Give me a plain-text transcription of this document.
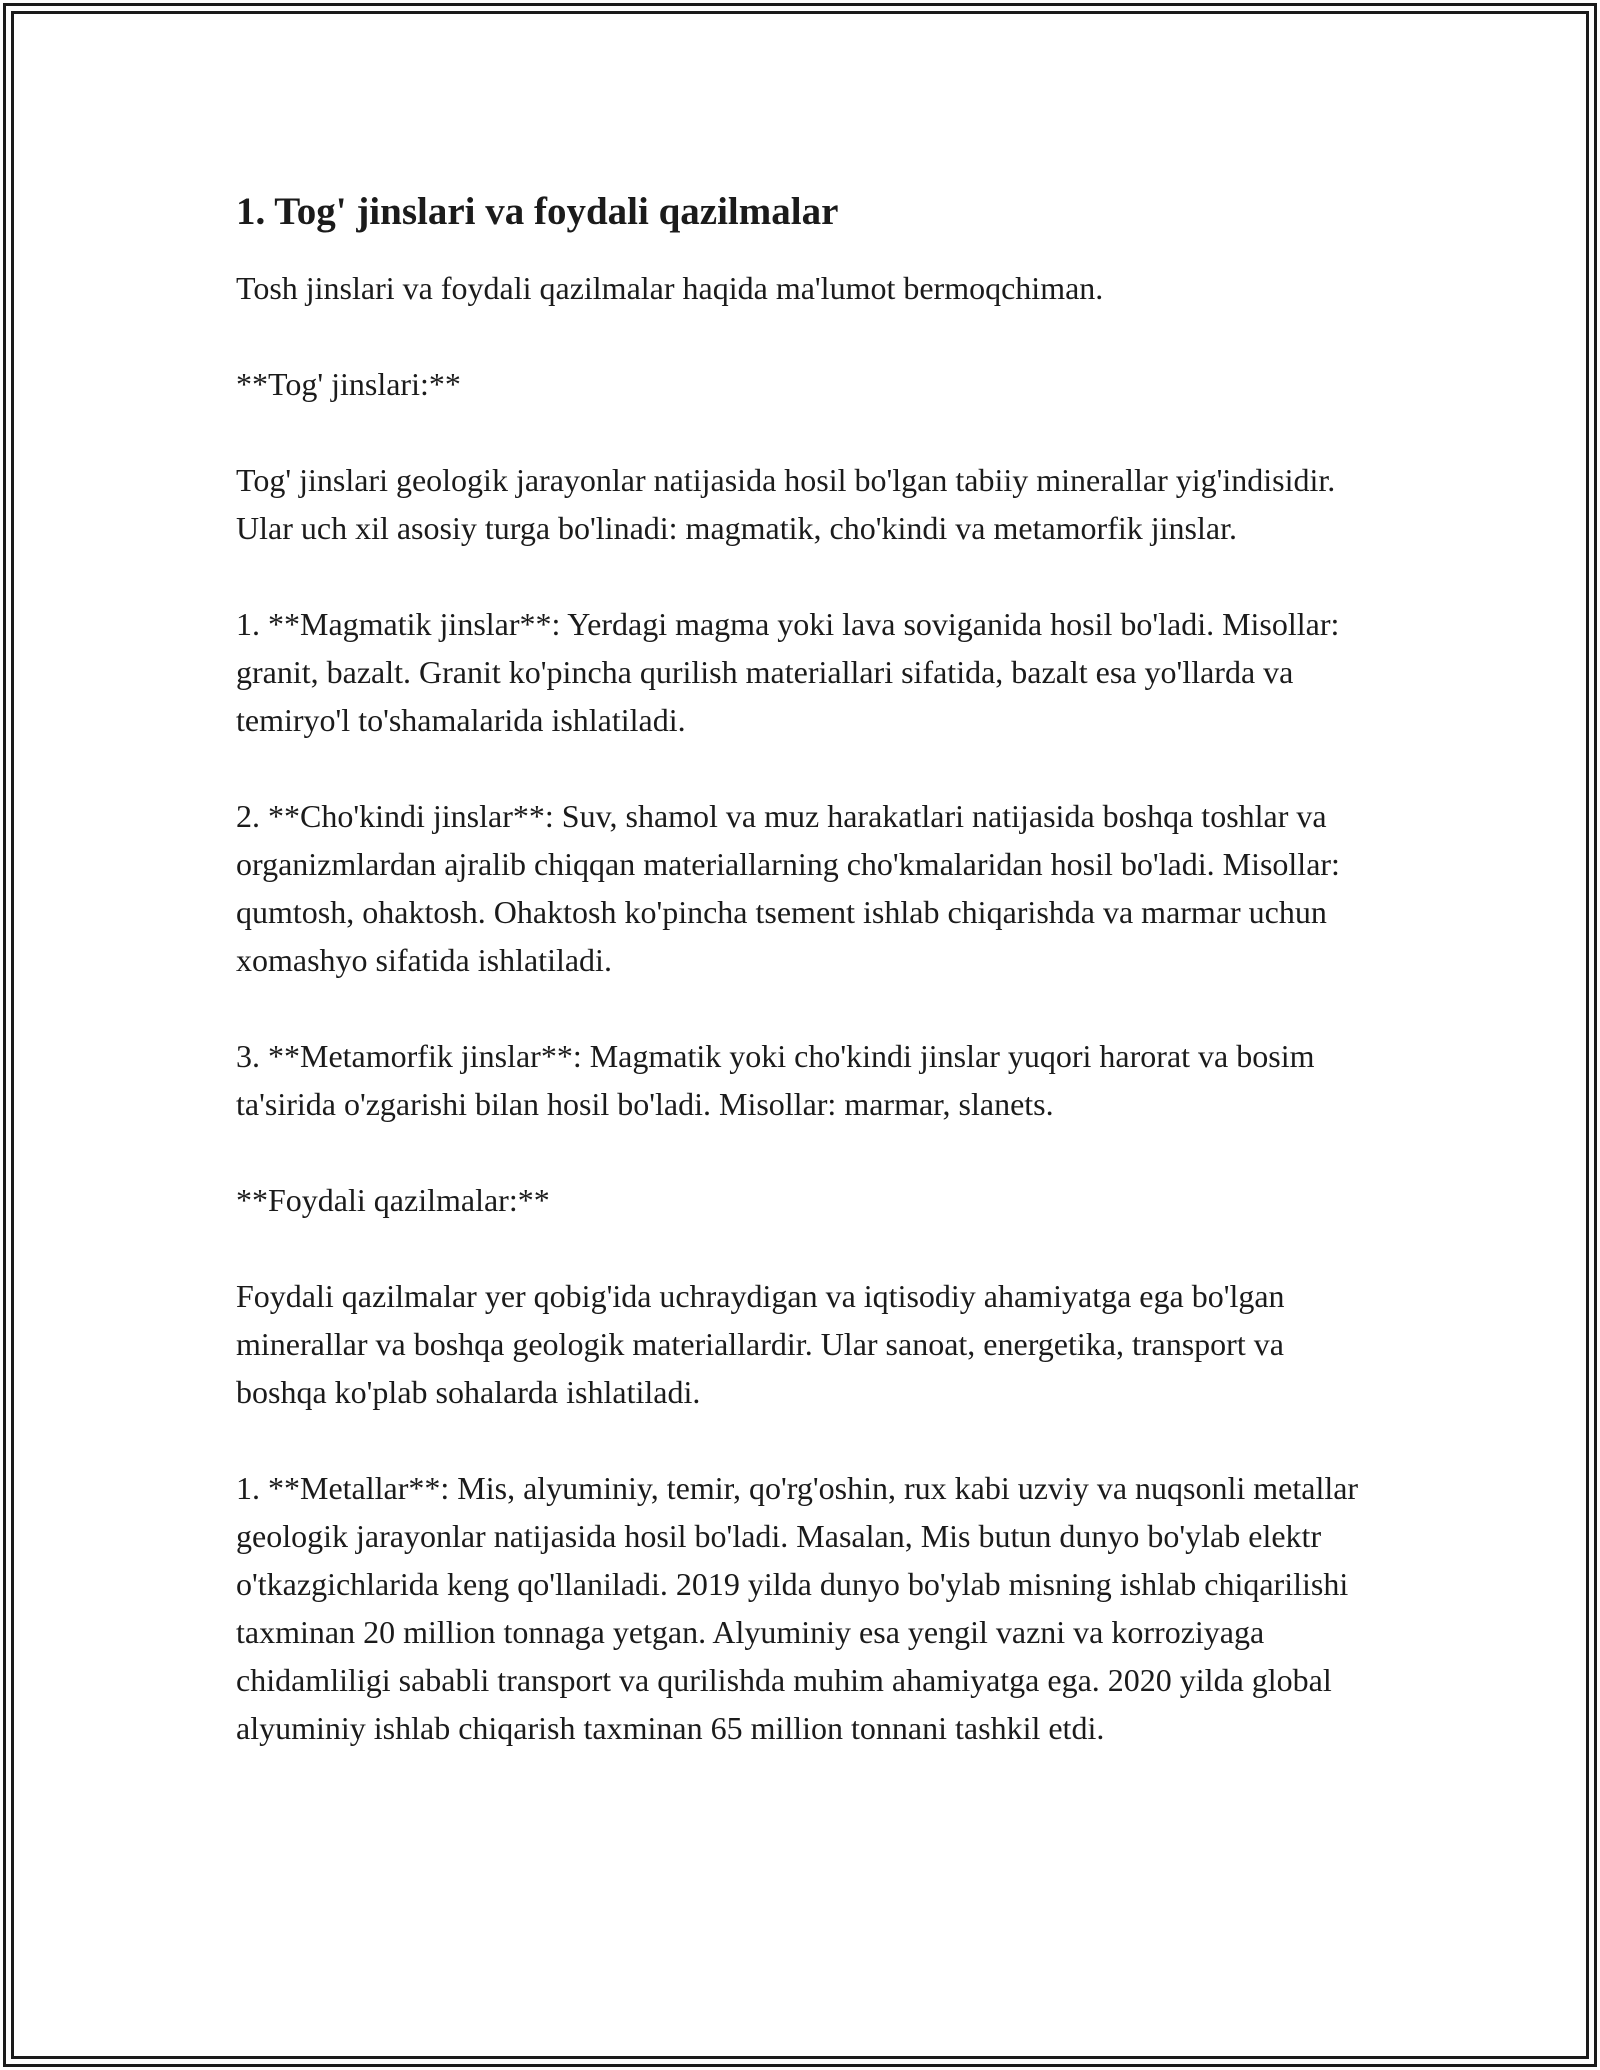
1. Tog' jinslari va foydali qazilmalar

Tosh jinslari va foydali qazilmalar haqida ma'lumot bermoqchiman.

**Tog' jinslari:**

Tog' jinslari geologik jarayonlar natijasida hosil bo'lgan tabiiy minerallar yig'indisidir. Ular uch xil asosiy turga bo'linadi: magmatik, cho'kindi va metamorfik jinslar.

1. **Magmatik jinslar**: Yerdagi magma yoki lava soviganida hosil bo'ladi. Misollar: granit, bazalt. Granit ko'pincha qurilish materiallari sifatida, bazalt esa yo'llarda va temiryo'l to'shamalarida ishlatiladi.

2. **Cho'kindi jinslar**: Suv, shamol va muz harakatlari natijasida boshqa toshlar va organizmlardan ajralib chiqqan materiallarning cho'kmalaridan hosil bo'ladi. Misollar: qumtosh, ohaktosh. Ohaktosh ko'pincha tsement ishlab chiqarishda va marmar uchun xomashyo sifatida ishlatiladi.

3. **Metamorfik jinslar**: Magmatik yoki cho'kindi jinslar yuqori harorat va bosim ta'sirida o'zgarishi bilan hosil bo'ladi. Misollar: marmar, slanets.

**Foydali qazilmalar:**

Foydali qazilmalar yer qobig'ida uchraydigan va iqtisodiy ahamiyatga ega bo'lgan minerallar va boshqa geologik materiallardir. Ular sanoat, energetika, transport va boshqa ko'plab sohalarda ishlatiladi.

1. **Metallar**: Mis, alyuminiy, temir, qo'rg'oshin, rux kabi uzviy va nuqsonli metallar geologik jarayonlar natijasida hosil bo'ladi. Masalan, Mis butun dunyo bo'ylab elektr o'tkazgichlarida keng qo'llaniladi. 2019 yilda dunyo bo'ylab misning ishlab chiqarilishi taxminan 20 million tonnaga yetgan. Alyuminiy esa yengil vazni va korroziyaga chidamliligi sababli transport va qurilishda muhim ahamiyatga ega. 2020 yilda global alyuminiy ishlab chiqarish taxminan 65 million tonnani tashkil etdi.
